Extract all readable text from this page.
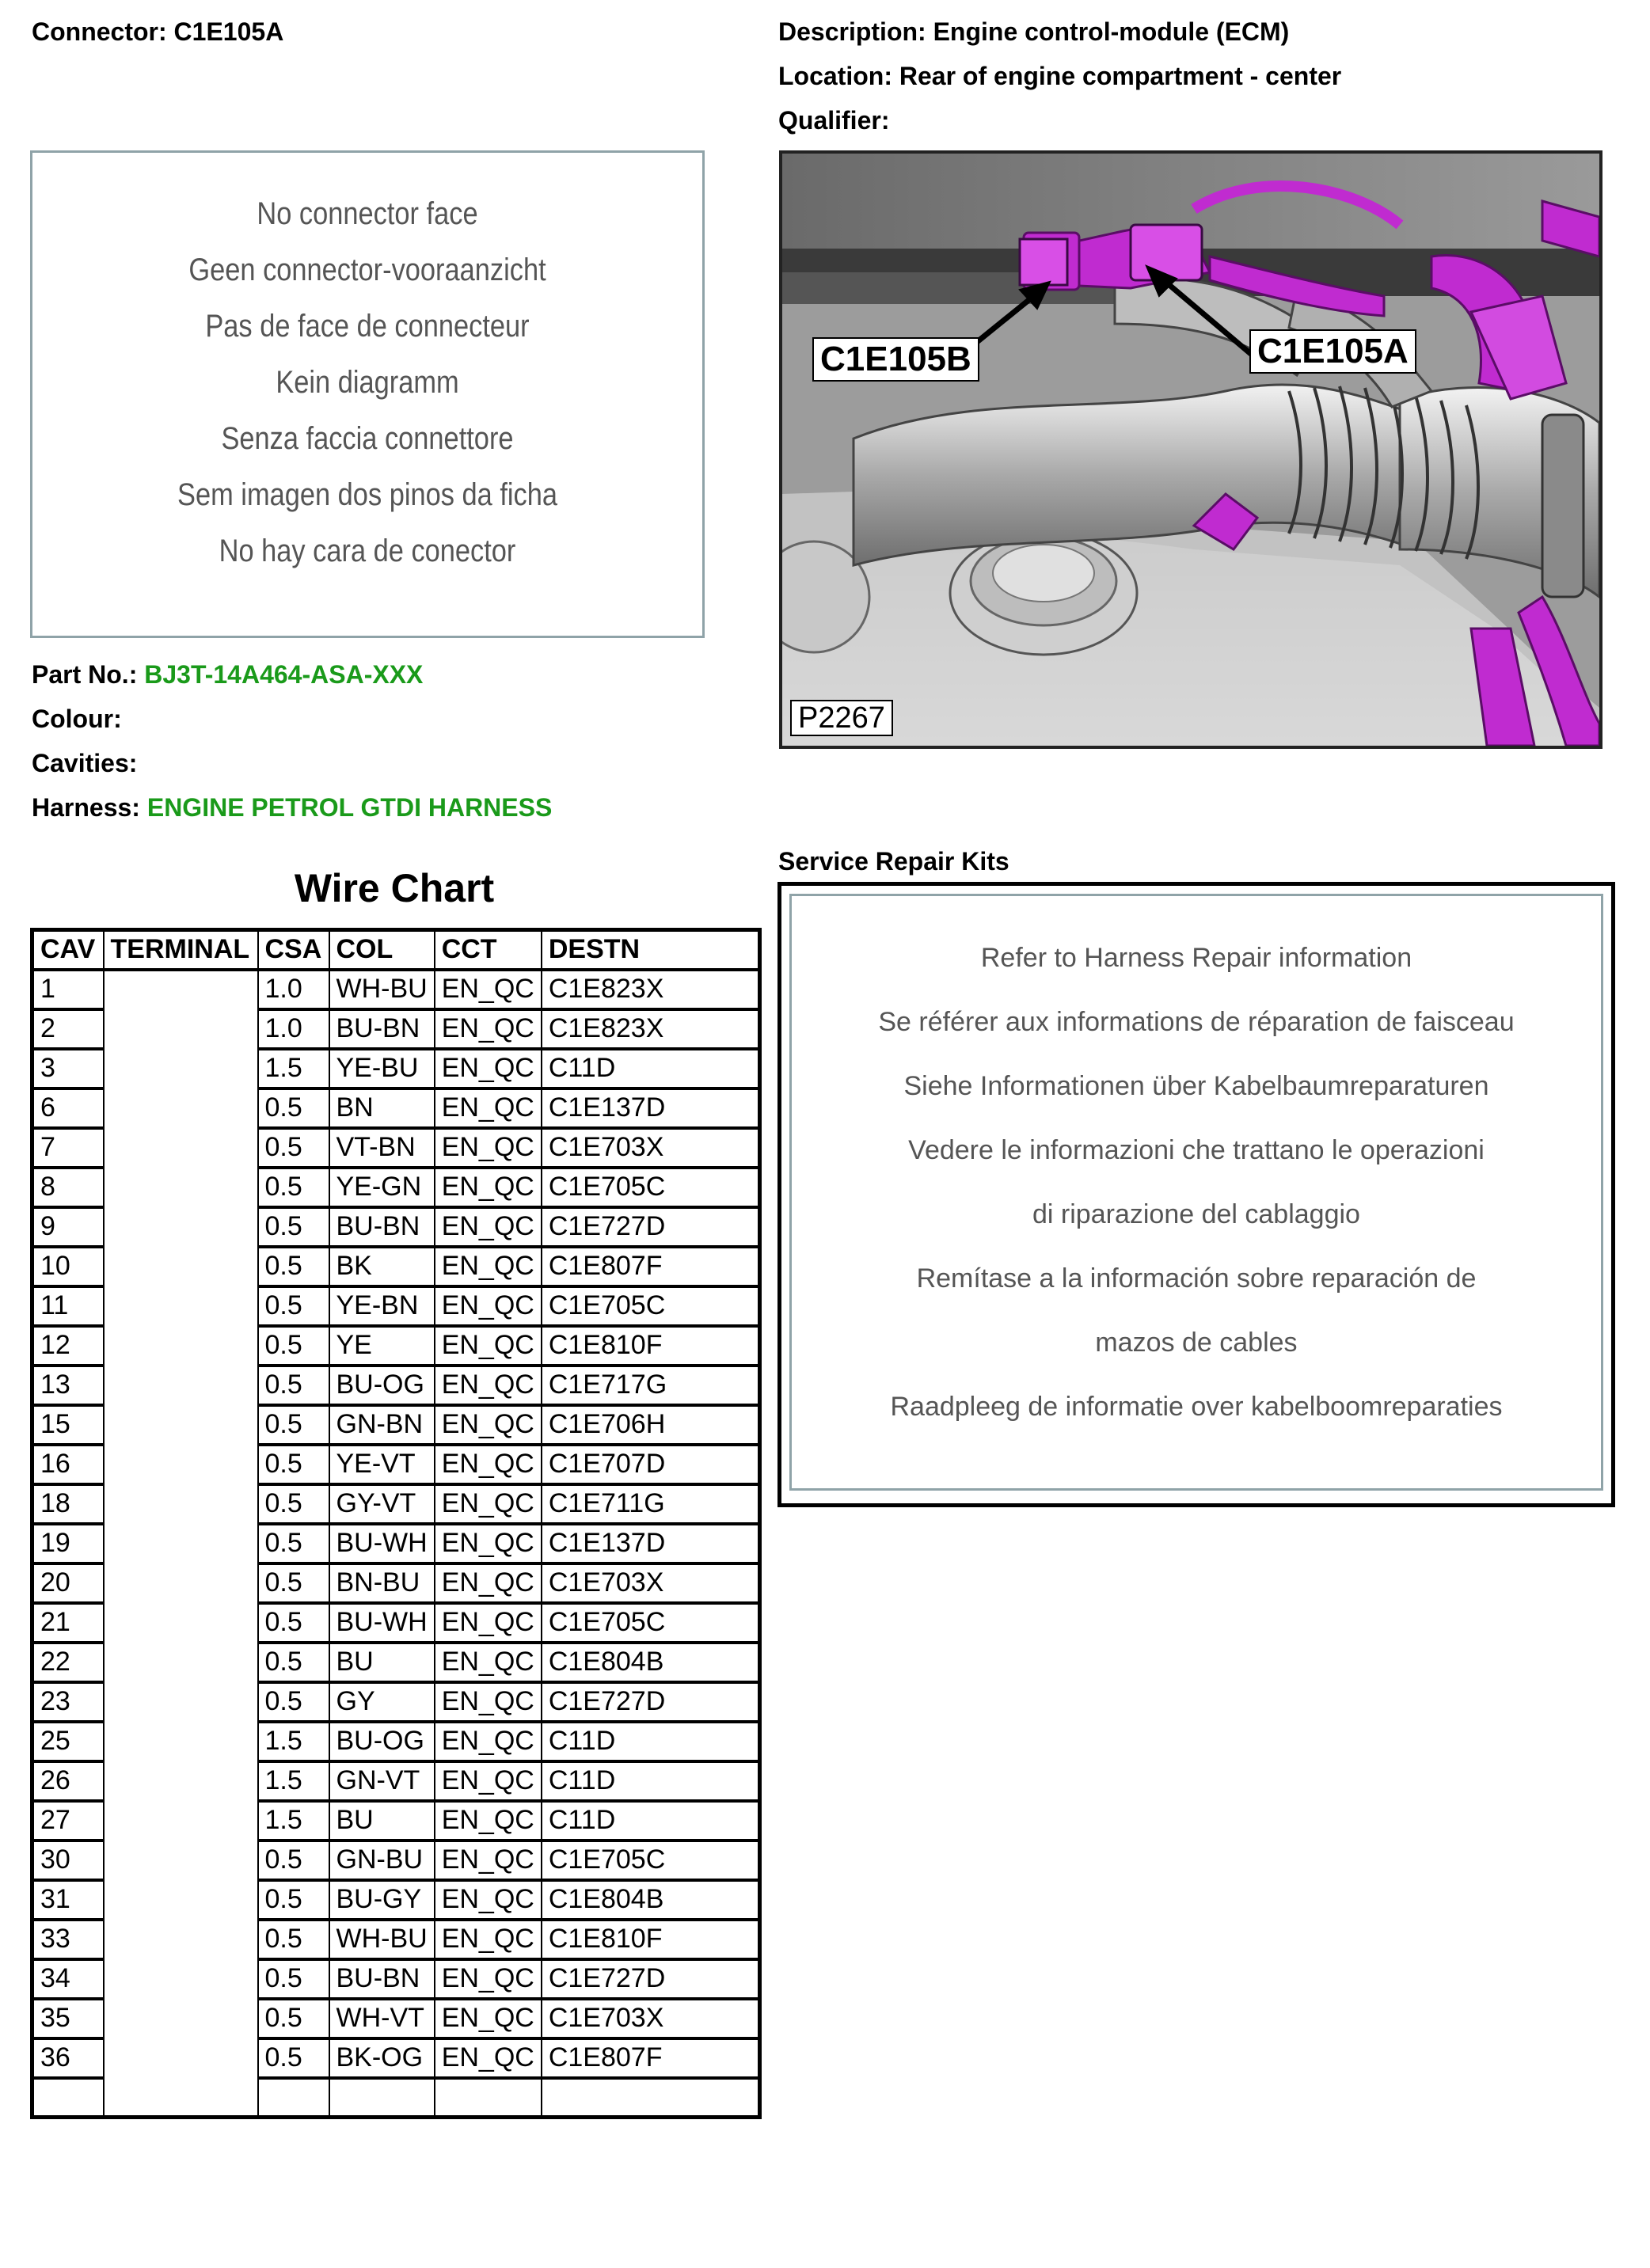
Connector: C1E105A	Description: Engine control-module (ECM)
Location: Rear of engine compartment - center
Qualifier:
No connector face
Geen connector-vooraanzicht
Pas de face de connecteur
Kein diagramm
Senza faccia connettore
Sem imagen dos pinos da ficha
No hay cara de conector
C1E105B	C1E105A
P2267
Part No.: BJ3T-14A464-ASA-XXX
Colour:
Cavities:
Harness: ENGINE PETROL GTDI HARNESS
Wire Chart
CAV	TERMINAL	CSA	COL	CCT	DESTN
1		1.0	WH-BU	EN_QC	C1E823X
2		1.0	BU-BN	EN_QC	C1E823X
3		1.5	YE-BU	EN_QC	C11D
6		0.5	BN	EN_QC	C1E137D
7		0.5	VT-BN	EN_QC	C1E703X
8		0.5	YE-GN	EN_QC	C1E705C
9		0.5	BU-BN	EN_QC	C1E727D
10		0.5	BK	EN_QC	C1E807F
11		0.5	YE-BN	EN_QC	C1E705C
12		0.5	YE	EN_QC	C1E810F
13		0.5	BU-OG	EN_QC	C1E717G
15		0.5	GN-BN	EN_QC	C1E706H
16		0.5	YE-VT	EN_QC	C1E707D
18		0.5	GY-VT	EN_QC	C1E711G
19		0.5	BU-WH	EN_QC	C1E137D
20		0.5	BN-BU	EN_QC	C1E703X
21		0.5	BU-WH	EN_QC	C1E705C
22		0.5	BU	EN_QC	C1E804B
23		0.5	GY	EN_QC	C1E727D
25		1.5	BU-OG	EN_QC	C11D
26		1.5	GN-VT	EN_QC	C11D
27		1.5	BU	EN_QC	C11D
30		0.5	GN-BU	EN_QC	C1E705C
31		0.5	BU-GY	EN_QC	C1E804B
33		0.5	WH-BU	EN_QC	C1E810F
34		0.5	BU-BN	EN_QC	C1E727D
35		0.5	WH-VT	EN_QC	C1E703X
36		0.5	BK-OG	EN_QC	C1E807F

Service Repair Kits
Refer to Harness Repair information
Se référer aux informations de réparation de faisceau
Siehe Informationen über Kabelbaumreparaturen
Vedere le informazioni che trattano le operazioni
di riparazione del cablaggio
Remítase a la información sobre reparación de
mazos de cables
Raadpleeg de informatie over kabelboomreparaties
